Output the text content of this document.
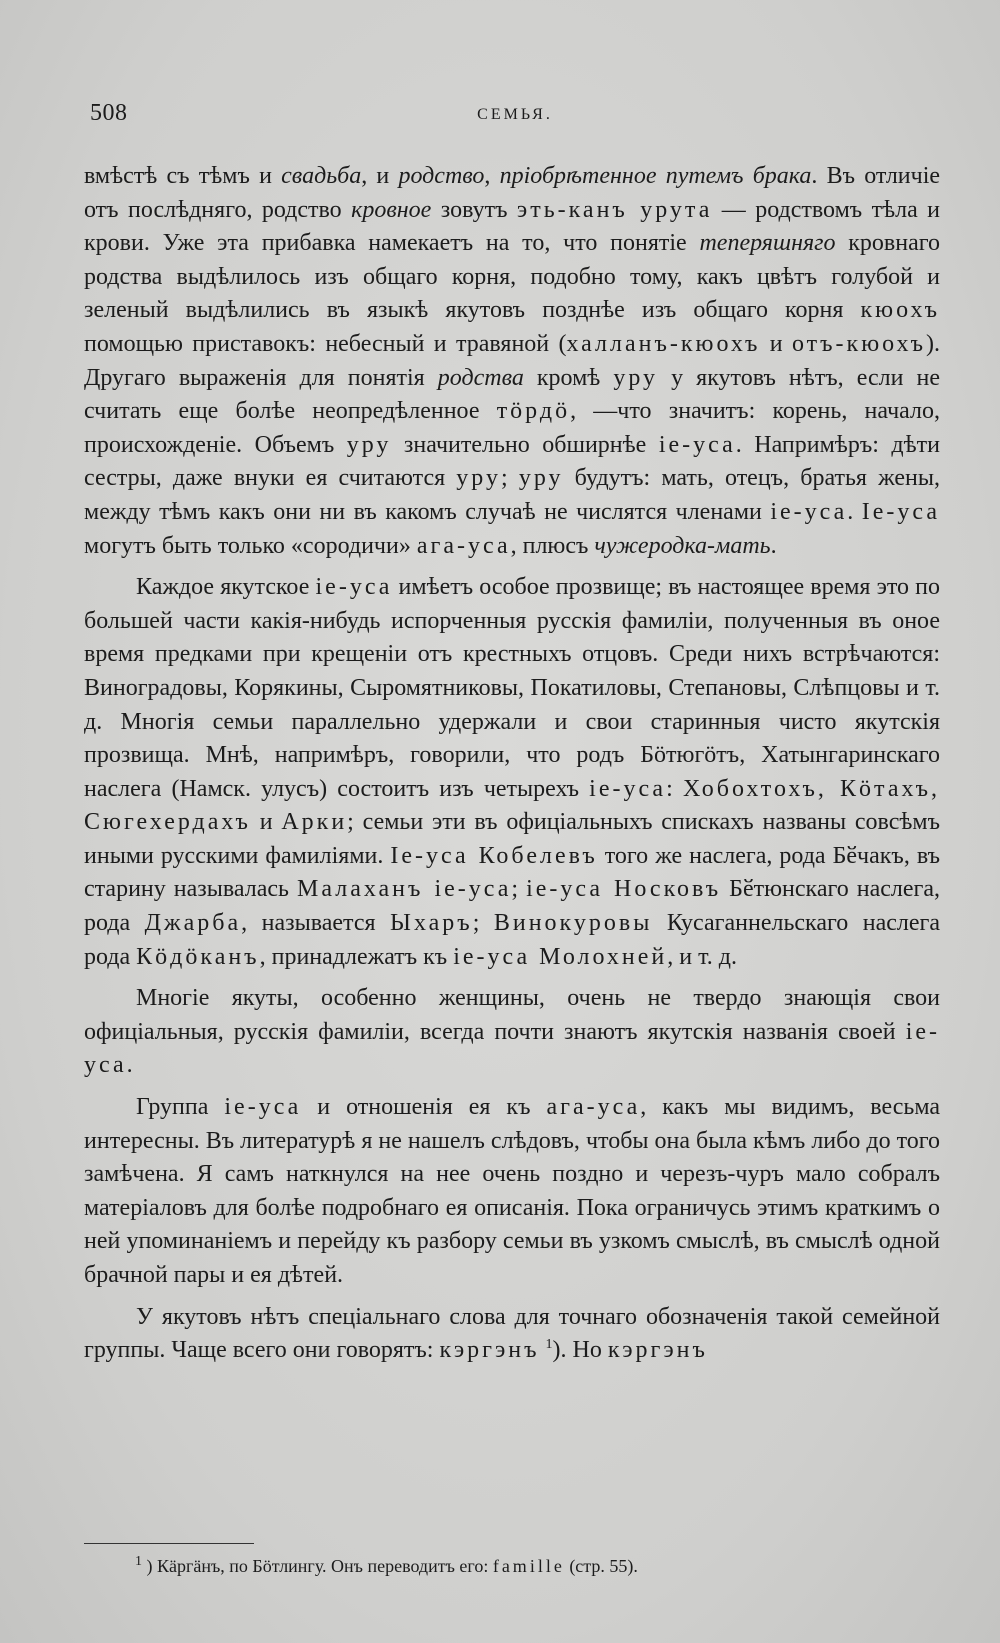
508	СЕМЬЯ.

вмѣстѣ съ тѣмъ и свадьба, и родство, пріобрѣтенное путемъ брака. Въ отличіе отъ послѣдняго, родство кровное зовутъ эть-канъ урута — родствомъ тѣла и крови. Уже эта прибавка намекаетъ на то, что понятіе теперяшняго кровнаго родства выдѣлилось изъ общаго корня, подобно тому, какъ цвѣтъ голубой и зеленый выдѣлились въ языкѣ якутовъ позднѣе изъ общаго корня кюохъ помощью приставокъ: небесный и травяной (халланъ-кюохъ и отъ-кюохъ). Другаго выраженія для понятія родства кромѣ уру у якутовъ нѣтъ, если не считать еще болѣе неопредѣленное тӧрдӧ, —что значитъ: корень, начало, происхожденіе. Объемъ уру значительно обширнѣе іе-уса. Напримѣръ: дѣти сестры, даже внуки ея считаются уру; уру будутъ: мать, отецъ, братья жены, между тѣмъ какъ они ни въ какомъ случаѣ не числятся членами іе-уса. Іе-уса могутъ быть только «сородичи» ага-уса, плюсъ чужеродка-мать.

Каждое якутское іе-уса имѣетъ особое прозвище; въ настоящее время это по большей части какія-нибудь испорченныя русскія фамиліи, полученныя въ оное время предками при крещеніи отъ крестныхъ отцовъ. Среди нихъ встрѣчаются: Виноградовы, Корякины, Сыромятниковы, Покатиловы, Степановы, Слѣпцовы и т. д. Многія семьи параллельно удержали и свои старинныя чисто якутскія прозвища. Мнѣ, напримѣръ, говорили, что родъ Бӧтюгӧтъ, Хатынгаринскаго наслега (Намск. улусъ) состоитъ изъ четырехъ іе-уса: Хобохтохъ, Кӧтахъ, Сюгехердахъ и Арки; семьи эти въ офиціальныхъ спискахъ названы совсѣмъ иными русскими фамиліями. Іе-уса Кобелевъ того же наслега, рода Бӗчакъ, въ старину называлась Малаханъ іе-уса; іе-уса Носковъ Бӗтюнскаго наслега, рода Джарба, называется Ыхаръ; Винокуровы Кусаганнельскаго наслега рода Кӧдӧканъ, принадлежатъ къ іе-уса Молохней, и т. д.

Многіе якуты, особенно женщины, очень не твердо знающія свои офиціальныя, русскія фамиліи, всегда почти знаютъ якутскія названія своей іе-уса.

Группа іе-уса и отношенія ея къ ага-уса, какъ мы видимъ, весьма интересны. Въ литературѣ я не нашелъ слѣдовъ, чтобы она была кѣмъ либо до того замѣчена. Я самъ наткнулся на нее очень поздно и черезъ-чуръ мало собралъ матеріаловъ для болѣе подробнаго ея описанія. Пока ограничусь этимъ краткимъ о ней упоминаніемъ и перейду къ разбору семьи въ узкомъ смыслѣ, въ смыслѣ одной брачной пары и ея дѣтей.

У якутовъ нѣтъ спеціальнаго слова для точнаго обозначенія такой семейной группы. Чаще всего они говорятъ: кэргэнъ $^1$). Но кэргэнъ

$^1$ ) Кӓргӓнъ, по Бӧтлингу. Онъ переводитъ его: famille (стр. 55).
